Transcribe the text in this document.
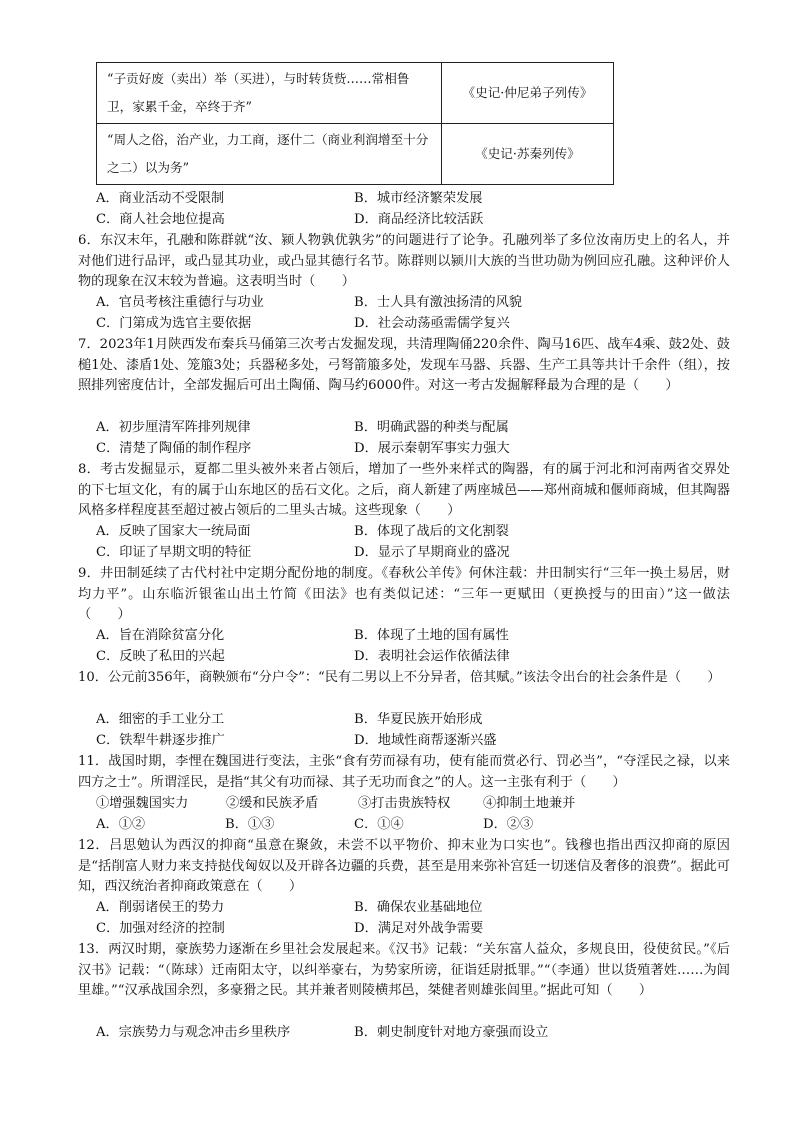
“子贡好废（卖出）举（买进），与时转货赀……常相鲁卫，家累千金，卒终于齐”	《史记·仲尼弟子列传》
“周人之俗，治产业，力工商，逐什二（商业利润增至十分之二）以为务”	《史记·苏秦列传》
A．商业活动不受限制	B．城市经济繁荣发展
C．商人社会地位提高	D．商品经济比较活跃
6．东汉末年，孔融和陈群就“汝、颍人物孰优孰劣”的问题进行了论争。孔融列举了多位汝南历史上的名人，并对他们进行品评，或凸显其功业，或凸显其德行名节。陈群则以颍川大族的当世功勋为例回应孔融。这种评价人物的现象在汉末较为普遍。这表明当时（　　）
A．官员考核注重德行与功业	B．士人具有激浊扬清的风貌
C．门第成为选官主要依据	D．社会动荡亟需儒学复兴
7．2023年1月陕西发布秦兵马俑第三次考古发掘发现，共清理陶俑220余件、陶马16匹、战车4乘、鼓2处、鼓槌1处、漆盾1处、笼箙3处；兵器秘多处，弓弩箭箙多处，发现车马器、兵器、生产工具等共计千余件（组），按照排列密度估计，全部发掘后可出土陶俑、陶马约6000件。对这一考古发掘解释最为合理的是（　　）
A．初步厘清军阵排列规律	B．明确武器的种类与配属
C．清楚了陶俑的制作程序	D．展示秦朝军事实力强大
8．考古发掘显示，夏都二里头被外来者占领后，增加了一些外来样式的陶器，有的属于河北和河南两省交界处的下七垣文化，有的属于山东地区的岳石文化。之后，商人新建了两座城邑——郑州商城和偃师商城，但其陶器风格多样程度甚至超过被占领后的二里头古城。这些现象（　　）
A．反映了国家大一统局面	B．体现了战后的文化割裂
C．印证了早期文明的特征	D．显示了早期商业的盛况
9．井田制延续了古代村社中定期分配份地的制度。《春秋公羊传》何休注载：井田制实行“三年一换土易居，财均力平”。山东临沂银雀山出土竹简《田法》也有类似记述：“三年一更赋田（更换授与的田亩）”这一做法（　　）
A．旨在消除贫富分化	B．体现了土地的国有属性
C．反映了私田的兴起	D．表明社会运作依循法律
10．公元前356年，商鞅颁布“分户令”：“民有二男以上不分异者，倍其赋。”该法令出台的社会条件是（　　）
A．细密的手工业分工	B．华夏民族开始形成
C．铁犁牛耕逐步推广	D．地域性商帮逐渐兴盛
11．战国时期，李悝在魏国进行变法，主张“食有劳而禄有功，使有能而赏必行、罚必当”，“夺淫民之禄，以来四方之士”。所谓淫民，是指“其父有功而禄、其子无功而食之”的人。这一主张有利于（　　）
①增强魏国实力	②缓和民族矛盾	③打击贵族特权 ④抑制土地兼并
A．①②	B．①③	C．①④	D．②③
12．吕思勉认为西汉的抑商“虽意在聚敛，未尝不以平物价、抑末业为口实也”。钱穆也指出西汉抑商的原因是“括削富人财力来支持挞伐匈奴以及开辟各边疆的兵费，甚至是用来弥补宫廷一切迷信及奢侈的浪费”。据此可知，西汉统治者抑商政策意在（　　）
A．削弱诸侯王的势力	B．确保农业基础地位
C．加强对经济的控制	D．满足对外战争需要
13．两汉时期，豪族势力逐渐在乡里社会发展起来。《汉书》记载：“关东富人益众，多规良田，役使贫民。”《后汉书》记载：“（陈球）迁南阳太守，以纠举豪右，为势家所谤，征诣廷尉抵罪。”“（李通）世以货殖著姓……为闾里雄。”“汉承战国余烈，多豪猾之民。其并兼者则陵横邦邑，桀健者则雄张闾里。”据此可知（　　）
A．宗族势力与观念冲击乡里秩序	B．刺史制度针对地方豪强而设立
